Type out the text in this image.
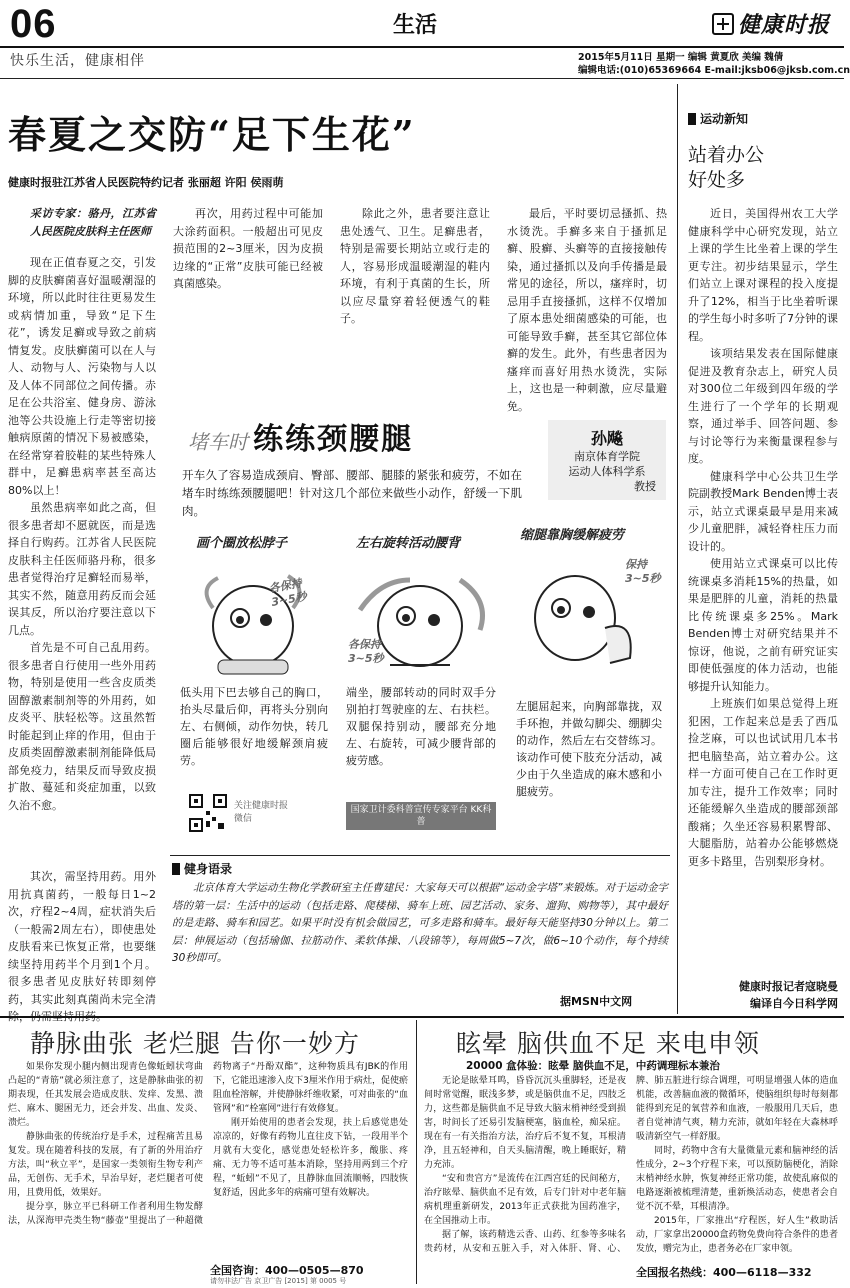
06	生活	健康时报
快乐生活，健康相伴	2015年5月11日 星期一 编辑 黄夏欣 美编 魏倩
编辑电话:(010)65369664 E-mail:jksb06@jksb.com.cn
春夏之交防“足下生花”
健康时报驻江苏省人民医院特约记者 张丽超 许阳 侯雨萌

采访专家：骆丹，江苏省人民医院皮肤科主任医师

现在正值春夏之交，引发脚的皮肤癣菌喜好温暖潮湿的环境，所以此时往往更易发生或病情加重，导致“足下生花”，诱发足癣或导致之前病情复发。皮肤癣菌可以在人与人、动物与人、污染物与人以及人体不同部位之间传播。赤足在公共浴室、健身房、游泳池等公共设施上行走等密切接触病原菌的情况下易被感染，在经常穿着胶鞋的某些特殊人群中，足癣患病率甚至高达80%以上！

虽然患病率如此之高，但很多患者却不愿就医，而是选择自行购药。江苏省人民医院皮肤科主任医师骆丹称，很多患者觉得治疗足癣轻而易举，其实不然，随意用药反而会延误其反，所以治疗要注意以下几点。

首先是不可自己乱用药。很多患者自行使用一些外用药物，特别是使用一些含皮质类固醇激素制剂等的外用药，如皮炎平、肤轻松等。这虽然暂时能起到止痒的作用，但由于皮质类固醇激素制剂能降低局部免疫力，结果反而导致皮损扩散、蔓延和炎症加重，以致久治不愈。

其次，需坚持用药。用外用抗真菌药，一般每日1~2次，疗程2~4周，症状消失后（一般需2周左右），即使患处皮肤看来已恢复正常，也要继续坚持用药半个月到1个月。很多患者见皮肤好转即刻停药，其实此刻真菌尚未完全清除，仍需坚持用药。

再次，用药过程中可能加大涂药面积。一般超出可见皮损范围的2~3厘米，因为皮损边缘的“正常”皮肤可能已经被真菌感染。

除此之外，患者要注意让患处透气、卫生。足癣患者，特别是需要长期站立或行走的人，容易形成温暖潮湿的鞋内环境，有利于真菌的生长，所以应尽量穿着轻便透气的鞋子。

最后，平时要切忌搔抓、热水烫洗。手癣多来自于搔抓足癣、股癣、头癣等的直接接触传染，通过搔抓以及向手传播是最常见的途径，所以，瘙痒时，切忌用手直接搔抓，这样不仅增加了原本患处细菌感染的可能，也可能导致手癣，甚至其它部位体癣的发生。此外，有些患者因为瘙痒而喜好用热水烫洗，实际上，这也是一种刺激，应尽量避免。

堵车时 练练颈腰腿	孙飚
南京体育学院
运动人体科学系
教授
开车久了容易造成颈肩、臀部、腰部、腿膝的紧张和疲劳，不如在堵车时练练颈腰腿吧！针对这几个部位来做些小动作，舒缓一下肌肉。
画个圈放松脖子
各保持3~5秒
低头用下巴去够自己的胸口，抬头尽量后仰，再将头分别向左、右侧倾，动作勿快，转几圈后能够很好地缓解颈肩疲劳。
左右旋转活动腰背
各保持3~5秒
端坐，腰部转动的同时双手分别拍打驾驶座的左、右扶栏。双腿保持别动，腰部充分地左、右旋转，可减少腰背部的疲劳感。
缩腿靠胸缓解疲劳
保持3~5秒
左腿屈起来，向胸部靠拢，双手环抱，并做勾脚尖、绷脚尖的动作，然后左右交替练习。该动作可使下肢充分活动，减少由于久坐造成的麻木感和小腿疲劳。
关注健康时报微信
国家卫计委科普宣传专家平台 KK科普
运动新知
站着办公
好处多

近日，美国得州农工大学健康科学中心研究发现，站立上课的学生比坐着上课的学生更专注。初步结果显示，学生们站立上课对课程的投入度提升了12%，相当于比坐着听课的学生每小时多听了7分钟的课程。

该项结果发表在国际健康促进及教育杂志上，研究人员对300位二年级到四年级的学生进行了一个学年的长期观察，通过举手、回答问题、参与讨论等行为来衡量课程参与度。

健康科学中心公共卫生学院副教授Mark Benden博士表示，站立式课桌最早是用来减少儿童肥胖，减轻脊柱压力而设计的。

使用站立式课桌可以比传统课桌多消耗15%的热量，如果是肥胖的儿童，消耗的热量比传统课桌多25%。Mark Benden博士对研究结果并不惊讶，他说，之前有研究证实即使低强度的体力活动，也能够提升认知能力。

上班族们如果总觉得上班犯困，工作起来总是丢了西瓜捡芝麻，可以也试试用几本书把电脑垫高，站立着办公。这样一方面可使自己在工作时更加专注，提升工作效率；同时还能缓解久坐造成的腰部颈部酸痛；久坐还容易积累臀部、大腿脂肪，站着办公能够燃烧更多卡路里，告别梨形身材。

健康时报记者寇晓曼
编译自今日科学网
健身语录
北京体育大学运动生物化学教研室主任曹建民：大家每天可以根据“运动金字塔”来锻炼。对于运动金字塔的第一层：生活中的运动（包括走路、爬楼梯、骑车上班、园艺活动、家务、遛狗、购物等），其中最好的是走路、骑车和园艺。如果平时没有机会做园艺，可多走路和骑车。最好每天能坚持30分钟以上。第二层：伸展运动（包括瑜伽、拉筋动作、柔软体操、八段锦等），每周做5~7次，做6~10个动作，每个持续30秒即可。
据MSN中文网
静脉曲张 老烂腿 告你一妙方

如果你发现小腿内侧出现青色像蚯蚓状弯曲凸起的“青筋”就必须注意了，这是静脉曲张的初期表现，任其发展会造成皮肤、发痒、发黑、溃烂、麻木、腿困无力，还会并发、出血、发炎、溃烂。

静脉曲张的传统治疗是手术，过程痛苦且易复发。现在随着科技的发展，有了新的外用治疗方法，叫“秋立平”，是国家一类领衔生物专利产品，无创伤、无手术，早治早好，老烂腿者可使用，且费用低，效果好。

提分享，脉立平已科研工作者利用生物发酵法，从深海甲壳类生物“藤壶”里提出了一种超微药物离子“丹酚双酯”，这种物质具有JBK的作用下，它能迅速渗入皮下3厘米作用于病灶，促使瘀阻血栓溶解，并使静脉纤维收紧，可对曲张的“血管网”和“栓塞网”进行有效修复。

刚开始使用的患者会发现，扶上后感觉患处凉凉的，好像有药物儿直往皮下钻，一段用半个月就有大变化，感觉患处轻松许多，酸胀、疼痛、无力等不适可基本消除，坚持用两到三个疗程，“蚯蚓”不见了，且静脉血回流顺畅，四肢恢复舒适，因此多年的病痛可望有效解决。

全国咨询：400—0505—870
请勿非法广告 京卫广告 [2015] 第 0005 号
眩晕 脑供血不足 来电申领
20000 盒体验：眩晕 脑供血不足，中药调理标本兼治

无论是眩晕耳鸣，昏昏沉沉头重脚轻，还是夜间时常觉醒，眠浅多梦，或是脑供血不足，四肢乏力，这些都是脑供血不足导致大脑末梢神经受到损害，时间长了还易引发脑梗塞，脑血栓，痴呆症。现在有一有关指治方法，治疗后不复不复，耳根清净，且五轻神和，自天头脑清醒，晚上睡眠好，精力充沛。

“安和贵宫方”是流传在江西宫廷的民间秘方，治疗眩晕、脑供血不足有效，后专门针对中老年脑病机理重新研发，2013年正式获批为国药准字，在全国推动上市。

据了解，该药精选云香、山药、红参等多味名贵药材，从安和五脏入手，对入体肝、肾、心、脾、肺五脏进行综合调理，可明显增强人体的造血机能，改善脑血液的微循环，使脑组织每时每刻都能得到充足的氧营养和血液，一般服用几天后，患者自觉神清气爽，精力充沛，就如年轻在大森林呼吸清新空气一样舒服。

同时，药物中含有大量微量元素和脑神经的活性成分，2~3个疗程下来，可以预防脑梗化，消除末梢神经水肿，恢复神经正常功能，故使乱麻似的电路逐渐被梳理清楚，重新焕活动态，使患者会自觉不沉不晕，耳根清净。

2015年，厂家推出“疗程医，好人生”救助活动，厂家拿出20000盒药物免费向符合条件的患者发放，赠完为止，患者务必在厂家申领。

全国报名热线：400—6118—332
